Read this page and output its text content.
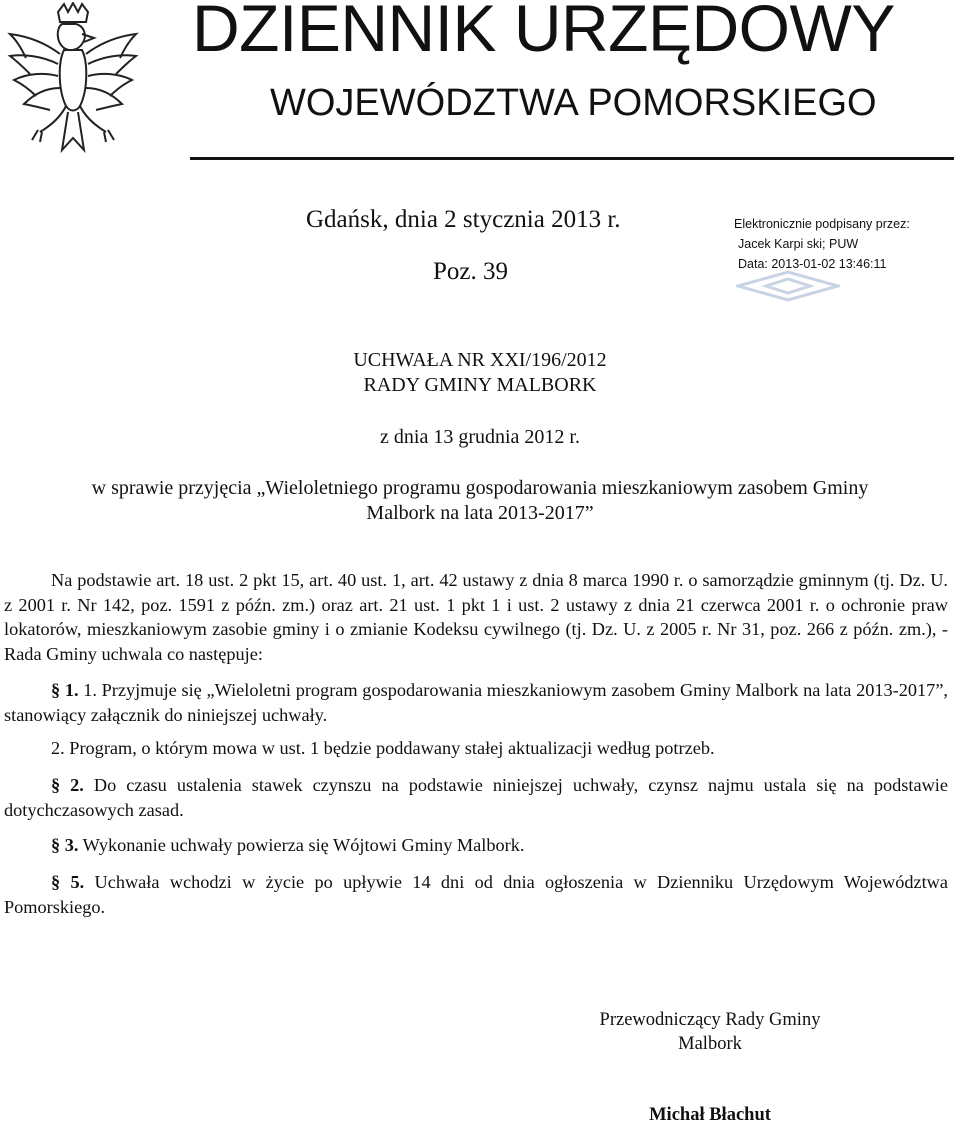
DZIENNIK URZĘDOWY
WOJEWÓDZTWA POMORSKIEGO
Gdańsk, dnia 2 stycznia 2013 r.
Poz. 39
Elektronicznie podpisany przez:
Jacek Karpi ski; PUW
Data: 2013-01-02 13:46:11
UCHWAŁA NR XXI/196/2012
RADY GMINY MALBORK
z dnia 13 grudnia 2012 r.
w sprawie przyjęcia „Wieloletniego programu gospodarowania mieszkaniowym zasobem Gminy
Malbork na lata 2013-2017”
Na podstawie art. 18 ust. 2 pkt 15, art. 40 ust. 1, art. 42 ustawy z dnia 8 marca 1990 r. o samorządzie gminnym (tj. Dz. U. z 2001 r. Nr 142, poz. 1591 z późn. zm.) oraz art. 21 ust. 1 pkt 1 i ust. 2 ustawy z dnia 21 czerwca 2001 r. o ochronie praw lokatorów, mieszkaniowym zasobie gminy i o zmianie Kodeksu cywilnego (tj. Dz. U. z 2005 r. Nr 31, poz. 266 z późn. zm.), - Rada Gminy uchwala co następuje:
§ 1. 1. Przyjmuje się „Wieloletni program gospodarowania mieszkaniowym zasobem Gminy Malbork na lata 2013-2017”, stanowiący załącznik do niniejszej uchwały.
2. Program, o którym mowa w ust. 1 będzie poddawany stałej aktualizacji według potrzeb.
§ 2. Do czasu ustalenia stawek czynszu na podstawie niniejszej uchwały, czynsz najmu ustala się na podstawie dotychczasowych zasad.
§ 3. Wykonanie uchwały powierza się Wójtowi Gminy Malbork.
§ 5. Uchwała wchodzi w życie po upływie 14 dni od dnia ogłoszenia w Dzienniku Urzędowym Województwa Pomorskiego.
Przewodniczący Rady Gminy
Malbork
Michał Błachut
